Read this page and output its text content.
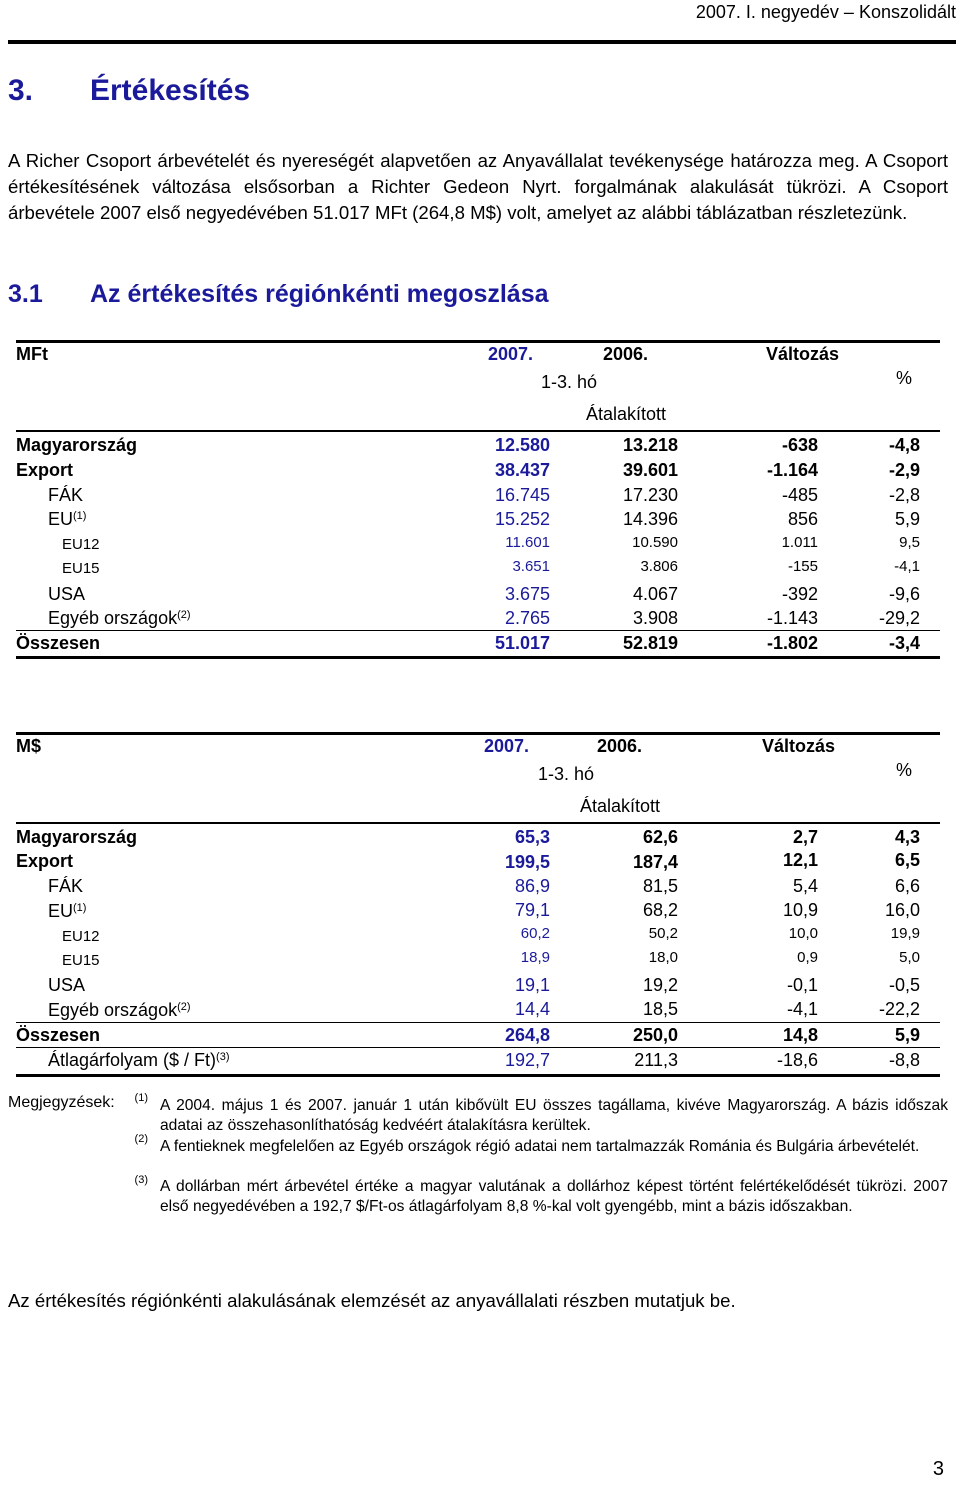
2007. I. negyedév – Konszolidált
3. Értékesítés
A Richer Csoport árbevételét és nyereségét alapvetően az Anyavállalat tevékenysége határozza meg. A Csoport értékesítésének változása elsősorban a Richter Gedeon Nyrt. forgalmának alakulását tükrözi. A Csoport árbevétele 2007 első negyedévében 51.017 MFt (264,8 M$) volt, amelyet az alábbi táblázatban részletezünk.
3.1 Az értékesítés régiónkénti megoszlása
MFt	2007.	2006.	Változás
1-3. hó	%
Átalakított
Magyarország	12.580	13.218	-638	-4,8
Export	38.437	39.601	-1.164	-2,9
FÁK	16.745	17.230	-485	-2,8
EU$^{(1)}$	15.252	14.396	856	5,9
EU12	11.601	10.590	1.011	9,5
EU15	3.651	3.806	-155	-4,1
USA	3.675	4.067	-392	-9,6
Egyéb országok$^{(2)}$	2.765	3.908	-1.143	-29,2
Összesen	51.017	52.819	-1.802	-3,4
M$	2007.	2006.	Változás
1-3. hó	%
Átalakított
Magyarország	65,3	62,6	2,7	4,3
Export	199,5	187,4	12,1	6,5
FÁK	86,9	81,5	5,4	6,6
EU$^{(1)}$	79,1	68,2	10,9	16,0
EU12	60,2	50,2	10,0	19,9
EU15	18,9	18,0	0,9	5,0
USA	19,1	19,2	-0,1	-0,5
Egyéb országok$^{(2)}$	14,4	18,5	-4,1	-22,2
Összesen	264,8	250,0	14,8	5,9
Átlagárfolyam ($ / Ft)$^{(3)}$	192,7	211,3	-18,6	-8,8
Megjegyzések:	(1) A 2004. május 1 és 2007. január 1 után kibővült EU összes tagállama, kivéve Magyarország. A bázis időszak adatai az összehasonlíthatóság kedvéért átalakításra kerültek.
(2) A fentieknek megfelelően az Egyéb országok régió adatai nem tartalmazzák Románia és Bulgária árbevételét.
(3) A dollárban mért árbevétel értéke a magyar valutának a dollárhoz képest történt felértékelődését tükrözi. 2007 első negyedévében a 192,7 $/Ft-os átlagárfolyam 8,8 %-kal volt gyengébb, mint a bázis időszakban.
Az értékesítés régiónkénti alakulásának elemzését az anyavállalati részben mutatjuk be.
3
